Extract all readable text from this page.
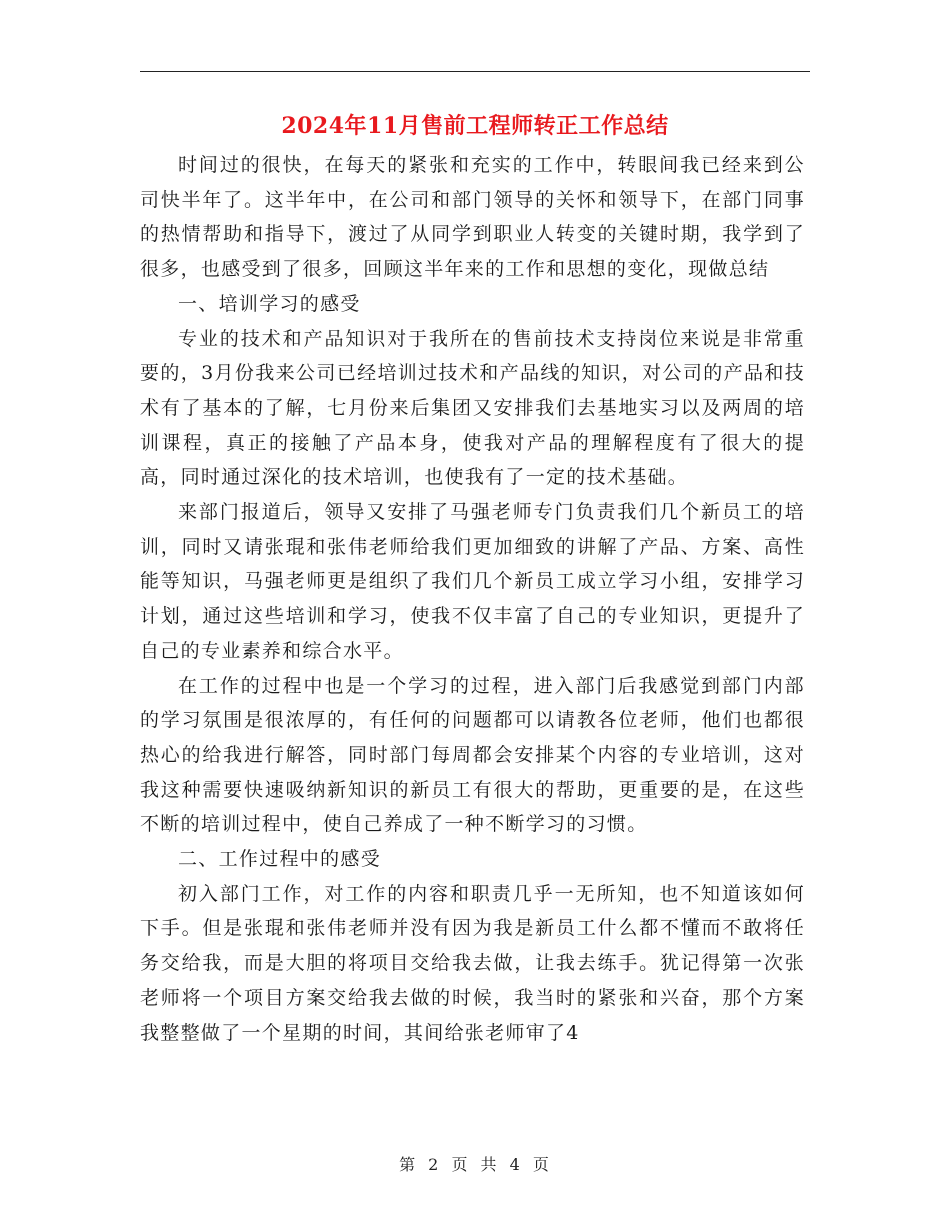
2024年11月售前工程师转正工作总结

时间过的很快，在每天的紧张和充实的工作中，转眼间我已经来到公司快半年了。这半年中，在公司和部门领导的关怀和领导下，在部门同事的热情帮助和指导下，渡过了从同学到职业人转变的关键时期，我学到了很多，也感受到了很多，回顾这半年来的工作和思想的变化，现做总结

一、培训学习的感受

专业的技术和产品知识对于我所在的售前技术支持岗位来说是非常重要的，3月份我来公司已经培训过技术和产品线的知识，对公司的产品和技术有了基本的了解，七月份来后集团又安排我们去基地实习以及两周的培训课程，真正的接触了产品本身，使我对产品的理解程度有了很大的提高，同时通过深化的技术培训，也使我有了一定的技术基础。

来部门报道后，领导又安排了马强老师专门负责我们几个新员工的培训，同时又请张琨和张伟老师给我们更加细致的讲解了产品、方案、高性能等知识，马强老师更是组织了我们几个新员工成立学习小组，安排学习计划，通过这些培训和学习，使我不仅丰富了自己的专业知识，更提升了自己的专业素养和综合水平。

在工作的过程中也是一个学习的过程，进入部门后我感觉到部门内部的学习氛围是很浓厚的，有任何的问题都可以请教各位老师，他们也都很热心的给我进行解答，同时部门每周都会安排某个内容的专业培训，这对我这种需要快速吸纳新知识的新员工有很大的帮助，更重要的是，在这些不断的培训过程中，使自己养成了一种不断学习的习惯。

二、工作过程中的感受

初入部门工作，对工作的内容和职责几乎一无所知，也不知道该如何下手。但是张琨和张伟老师并没有因为我是新员工什么都不懂而不敢将任务交给我，而是大胆的将项目交给我去做，让我去练手。犹记得第一次张老师将一个项目方案交给我去做的时候，我当时的紧张和兴奋，那个方案我整整做了一个星期的时间，其间给张老师审了4

第 2 页 共 4 页
